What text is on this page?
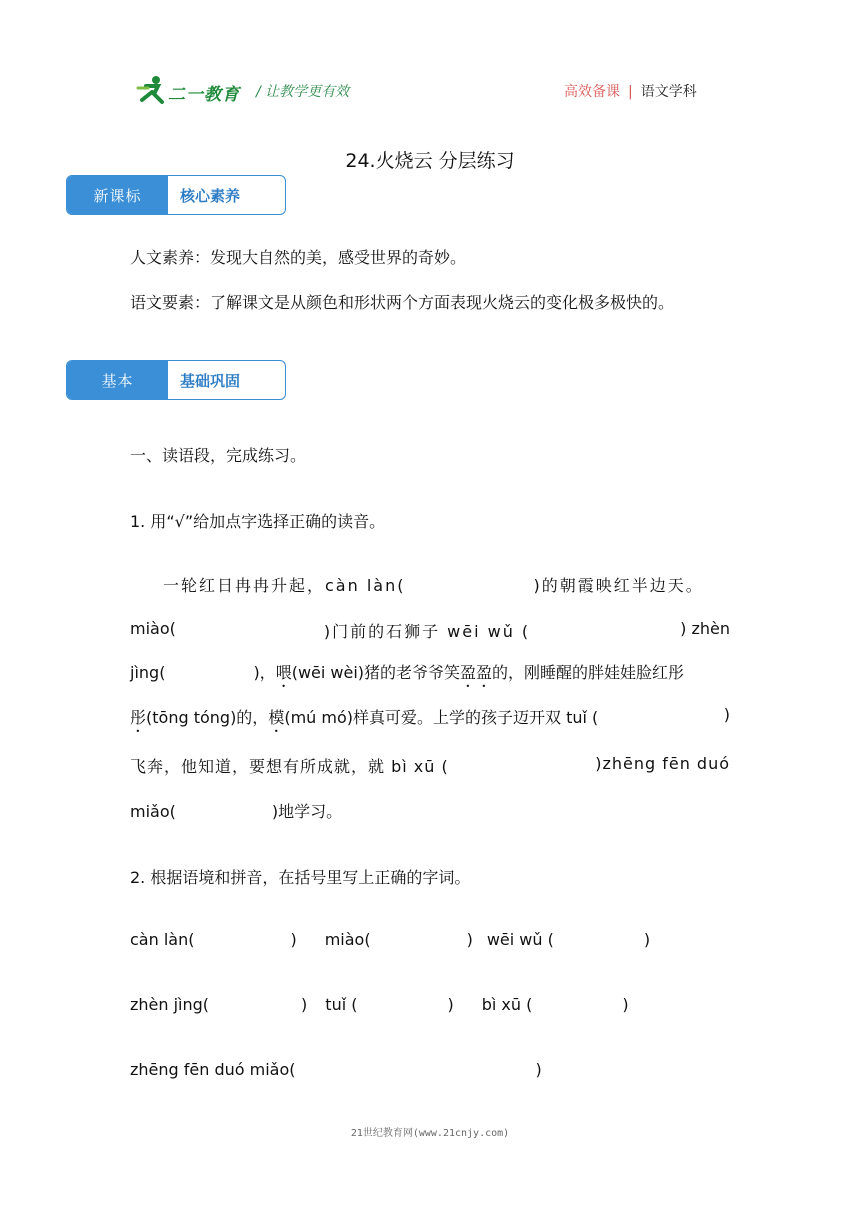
二一教育 / 让教学更有效	高效备课 | 语文学科
24.火烧云 分层练习
新课标	核心素养
人文素养：发现大自然的美，感受世界的奇妙。
语文要素：了解课文是从颜色和形状两个方面表现火烧云的变化极多极快的。
基本	基础巩固
一、读语段，完成练习。
1. 用“√”给加点字选择正确的读音。
一轮红日冉冉升起，càn làn(	)的朝霞映红半边天。
miào(	)门前的石狮子 wēi wǔ (	) zhèn
jìng(	)，喂(wēi wèi)猪的老爷爷笑盈盈的，刚睡醒的胖娃娃脸红彤
彤(tōng tóng)的，模(mú mó)样真可爱。上学的孩子迈开双 tuǐ (	)
飞奔，他知道，要想有所成就，就 bì xū (	)zhēng fēn duó
miǎo(	)地学习。
2. 根据语境和拼音，在括号里写上正确的字词。
càn làn(	) miào(	) wēi wǔ (	)
zhèn jìng(	) tuǐ (	) bì xū (	)
zhēng fēn duó miǎo(	)
21世纪教育网(www.21cnjy.com)
